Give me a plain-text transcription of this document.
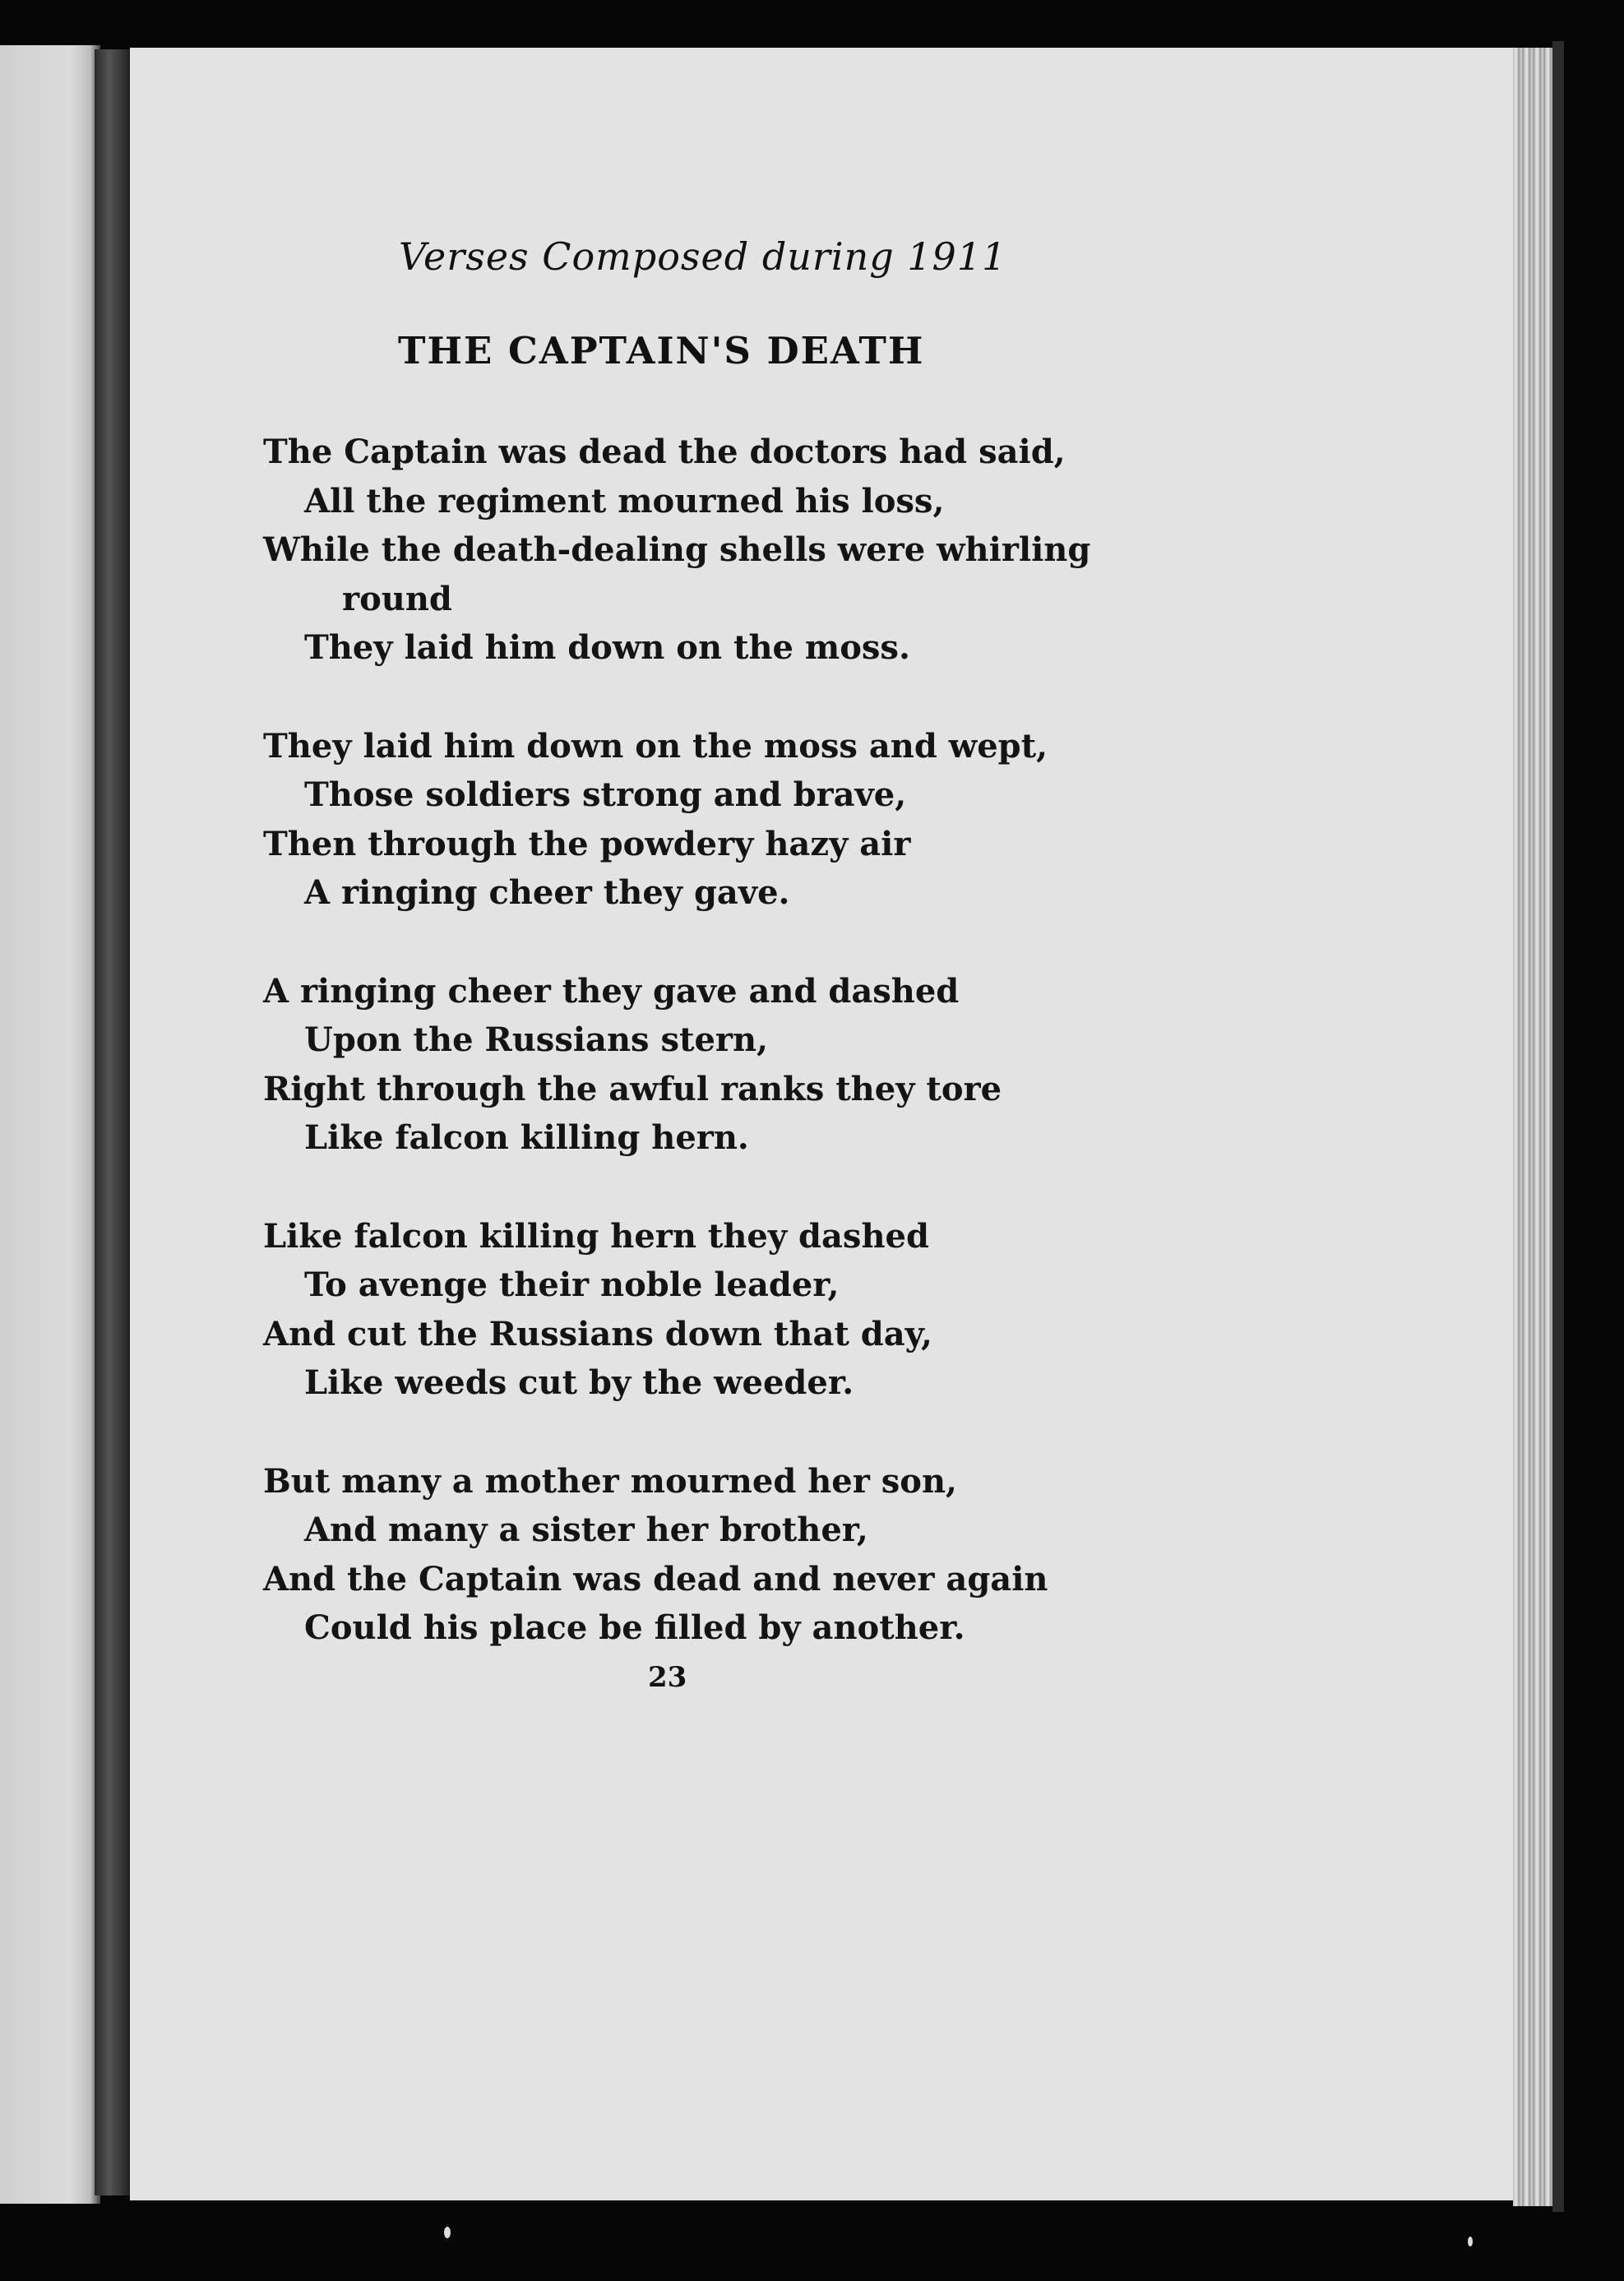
Verses Composed during 1911
THE CAPTAIN'S DEATH
The Captain was dead the doctors had said,
All the regiment mourned his loss,
While the death-dealing shells were whirling
round
They laid him down on the moss.
They laid him down on the moss and wept,
Those soldiers strong and brave,
Then through the powdery hazy air
A ringing cheer they gave.
A ringing cheer they gave and dashed
Upon the Russians stern,
Right through the awful ranks they tore
Like falcon killing hern.
Like falcon killing hern they dashed
To avenge their noble leader,
And cut the Russians down that day,
Like weeds cut by the weeder.
But many a mother mourned her son,
And many a sister her brother,
And the Captain was dead and never again
Could his place be filled by another.
23
